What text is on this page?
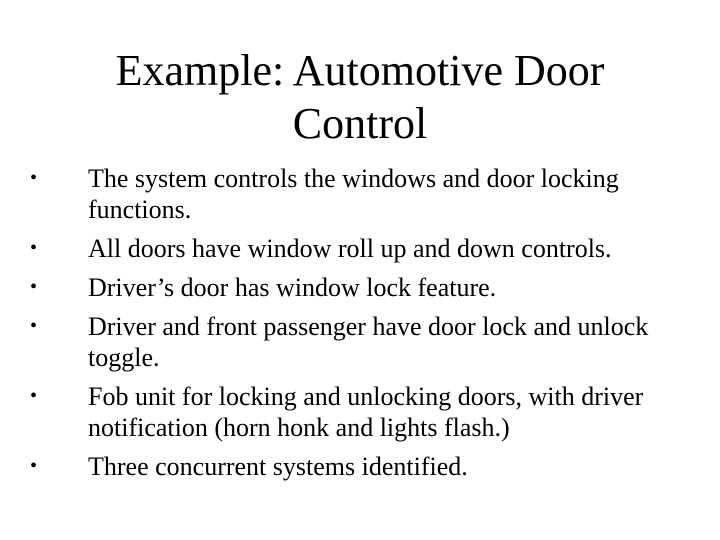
Example: Automotive Door
Control
• The system controls the windows and door locking functions.
• All doors have window roll up and down controls.
• Driver’s door has window lock feature.
• Driver and front passenger have door lock and unlock toggle.
• Fob unit for locking and unlocking doors, with driver notification (horn honk and lights flash.)
• Three concurrent systems identified.
